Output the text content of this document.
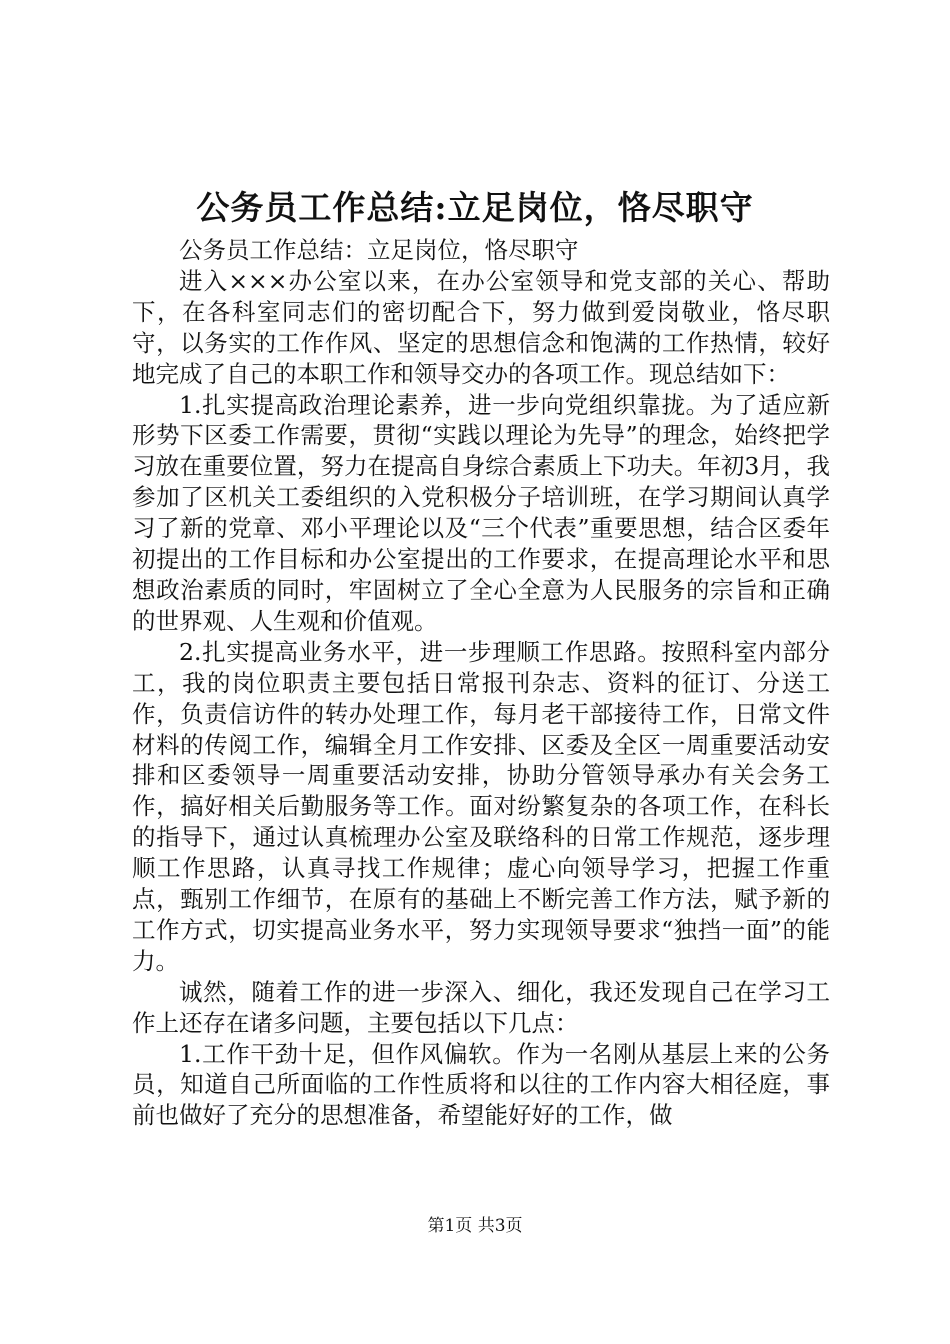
公务员工作总结:立足岗位，恪尽职守

公务员工作总结：立足岗位，恪尽职守

进入×××办公室以来，在办公室领导和党支部的关心、帮助下，在各科室同志们的密切配合下，努力做到爱岗敬业，恪尽职守，以务实的工作作风、坚定的思想信念和饱满的工作热情，较好地完成了自己的本职工作和领导交办的各项工作。现总结如下：

1.扎实提高政治理论素养，进一步向党组织靠拢。为了适应新形势下区委工作需要，贯彻“实践以理论为先导”的理念，始终把学习放在重要位置，努力在提高自身综合素质上下功夫。年初3月，我参加了区机关工委组织的入党积极分子培训班，在学习期间认真学习了新的党章、邓小平理论以及“三个代表”重要思想，结合区委年初提出的工作目标和办公室提出的工作要求，在提高理论水平和思想政治素质的同时，牢固树立了全心全意为人民服务的宗旨和正确的世界观、人生观和价值观。

2.扎实提高业务水平，进一步理顺工作思路。按照科室内部分工，我的岗位职责主要包括日常报刊杂志、资料的征订、分送工作，负责信访件的转办处理工作，每月老干部接待工作，日常文件材料的传阅工作，编辑全月工作安排、区委及全区一周重要活动安排和区委领导一周重要活动安排，协助分管领导承办有关会务工作，搞好相关后勤服务等工作。面对纷繁复杂的各项工作，在科长的指导下，通过认真梳理办公室及联络科的日常工作规范，逐步理顺工作思路，认真寻找工作规律；虚心向领导学习，把握工作重点，甄别工作细节，在原有的基础上不断完善工作方法，赋予新的工作方式，切实提高业务水平，努力实现领导要求“独挡一面”的能力。

诚然，随着工作的进一步深入、细化，我还发现自己在学习工作上还存在诸多问题，主要包括以下几点：

1.工作干劲十足，但作风偏软。作为一名刚从基层上来的公务员，知道自己所面临的工作性质将和以往的工作内容大相径庭，事前也做好了充分的思想准备，希望能好好的工作，做

第1页 共3页
